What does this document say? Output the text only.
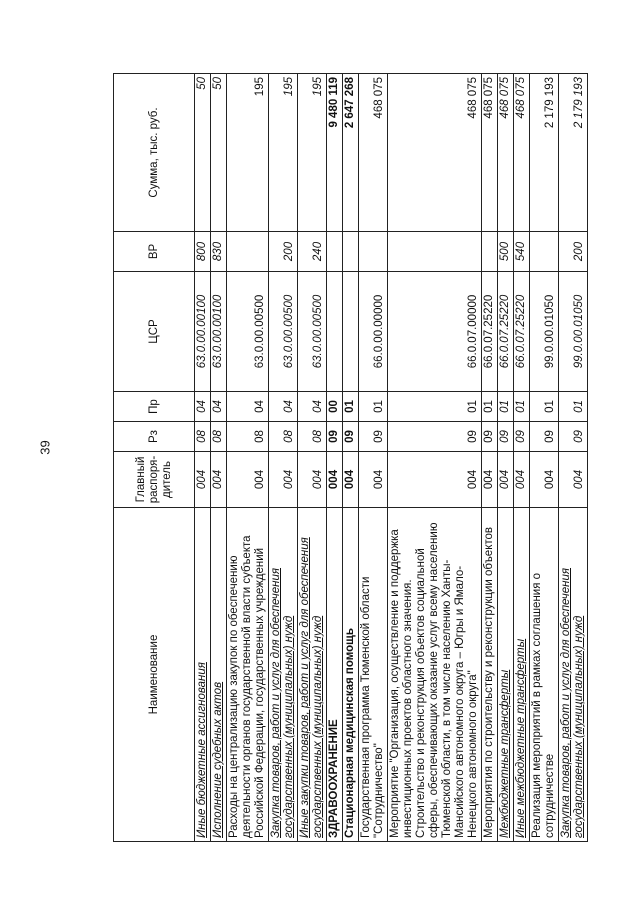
39
Наименование	Главный распоря-дитель	Рз	Пр	ЦСР	ВР	Сумма, тыс. руб.
Иные бюджетные ассигнования	004	08	04	63.0.00.00100	800	50
Исполнение судебных актов	004	08	04	63.0.00.00100	830	50
Расходы на централизацию закупок по обеспечению деятельности органов государственной власти субъекта Российской Федерации, государственных учреждений	004	08	04	63.0.00.00500		195
Закупка товаров, работ и услуг для обеспечения государственных (муниципальных) нужд	004	08	04	63.0.00.00500	200	195
Иные закупки товаров, работ и услуг для обеспечения государственных (муниципальных) нужд	004	08	04	63.0.00.00500	240	195
ЗДРАВООХРАНЕНИЕ	004	09	00			9 480 119
Стационарная медицинская помощь	004	09	01			2 647 268
Государственная программа Тюменской области "Сотрудничество"	004	09	01	66.0.00.00000		468 075
Мероприятие "Организация, осуществление и поддержка инвестиционных проектов областного значения. Строительство и реконструкция объектов социальной сферы, обеспечивающих оказание услуг всему населению Тюменской области, в том числе населению Ханты-Мансийского автономного округа – Югры и Ямало-Ненецкого автономного округа"	004	09	01	66.0.07.00000		468 075
Мероприятия по строительству и реконструкции объектов	004	09	01	66.0.07.25220		468 075
Межбюджетные трансферты	004	09	01	66.0.07.25220	500	468 075
Иные межбюджетные трансферты	004	09	01	66.0.07.25220	540	468 075
Реализация мероприятий в рамках соглашения о сотрудничестве	004	09	01	99.0.00.01050		2 179 193
Закупка товаров, работ и услуг для обеспечения государственных (муниципальных) нужд	004	09	01	99.0.00.01050	200	2 179 193
